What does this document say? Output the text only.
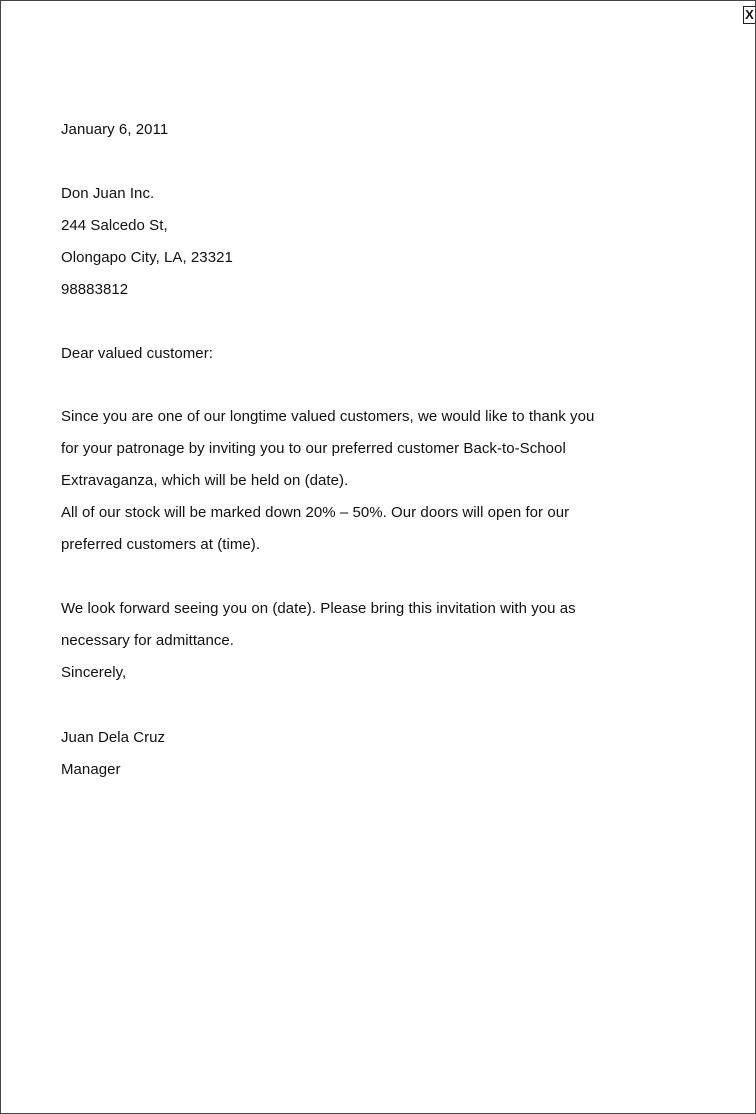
X
January 6, 2011
Don Juan Inc.
244 Salcedo St,
Olongapo City, LA, 23321
98883812
Dear valued customer:
Since you are one of our longtime valued customers, we would like to thank you
for your patronage by inviting you to our preferred customer Back-to-School
Extravaganza, which will be held on (date).
All of our stock will be marked down 20% – 50%. Our doors will open for our
preferred customers at (time).
We look forward seeing you on (date). Please bring this invitation with you as
necessary for admittance.
Sincerely,
Juan Dela Cruz
Manager
